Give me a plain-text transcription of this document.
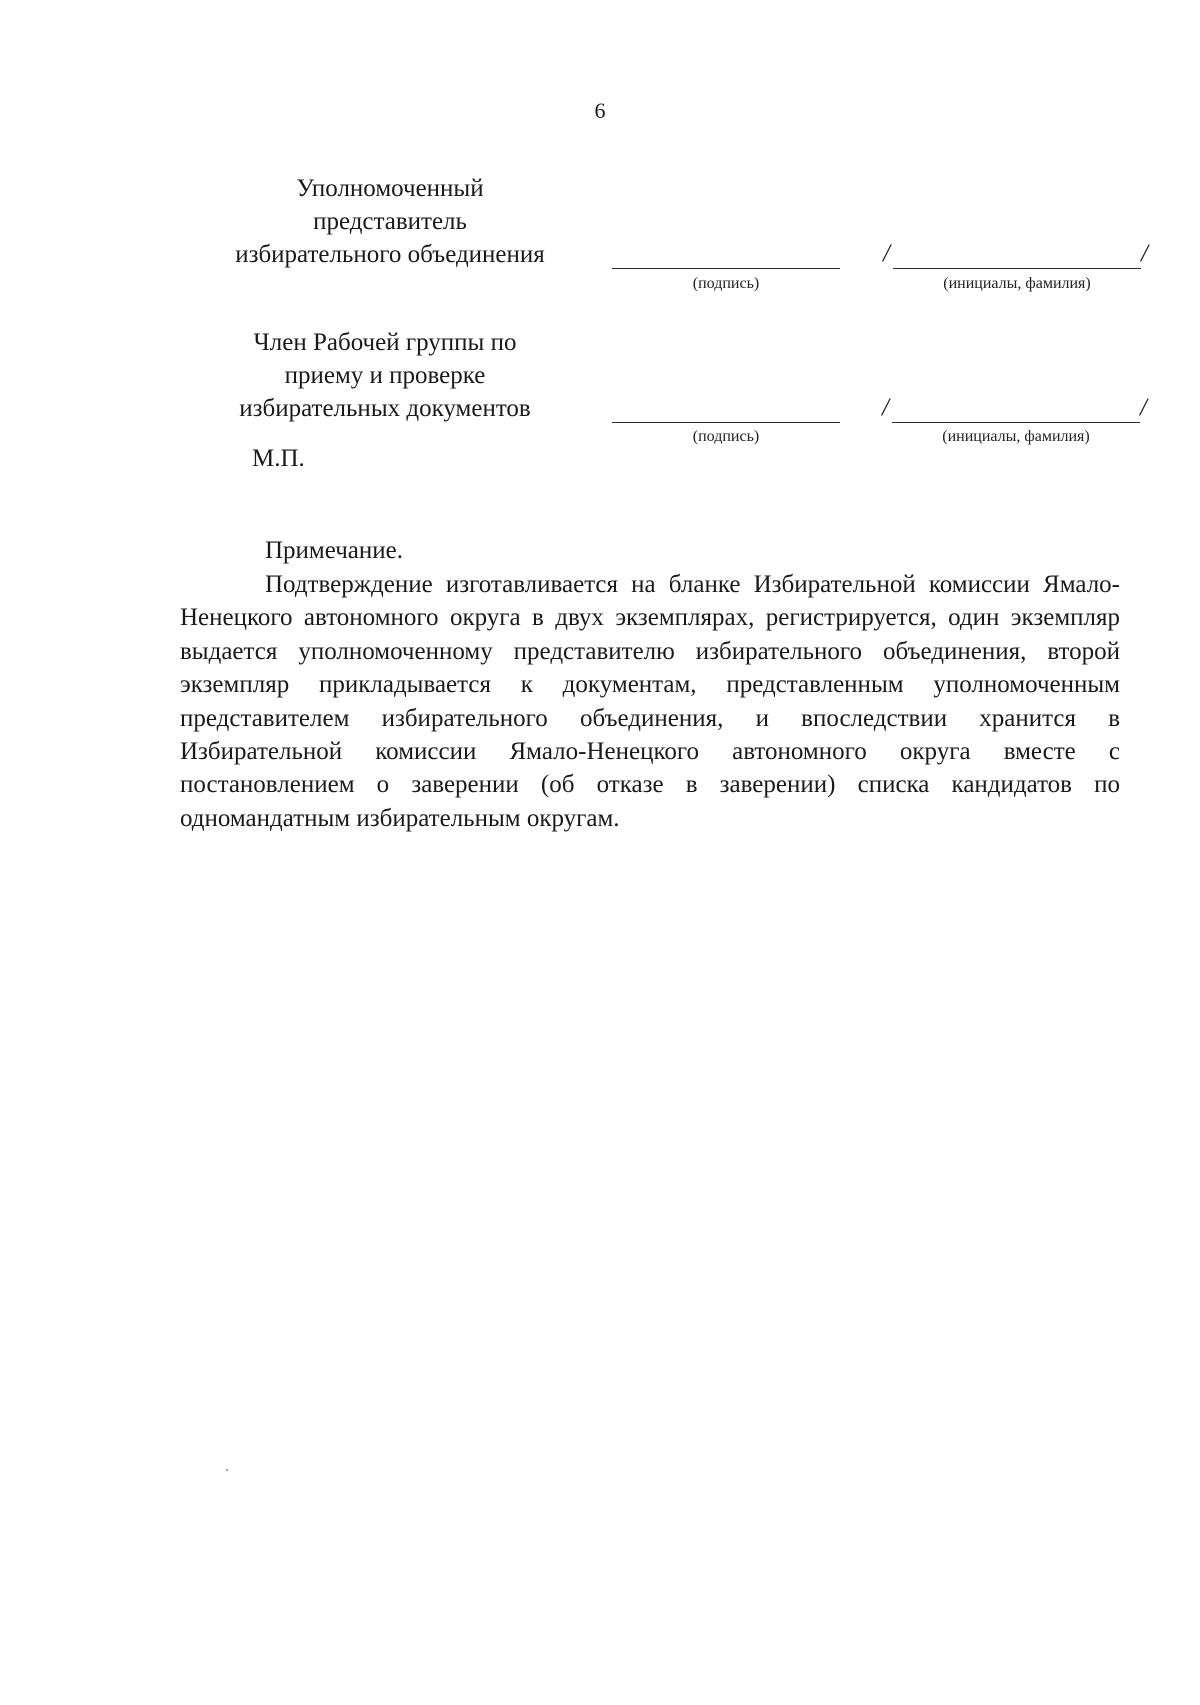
6
Уполномоченный
представитель
избирательного объединения	/	/
(подпись)	(инициалы, фамилия)
Член Рабочей группы по
приему и проверке
избирательных документов	/	/
(подпись)	(инициалы, фамилия)
М.П.
Примечание.

Подтверждение изготавливается на бланке Избирательной комиссии Ямало-Ненецкого автономного округа в двух экземплярах, регистрируется, один экземпляр выдается уполномоченному представителю избирательного объединения, второй экземпляр прикладывается к документам, представленным уполномоченным представителем избирательного объединения, и впоследствии хранится в Избирательной комиссии Ямало-Ненецкого автономного округа вместе с постановлением о заверении (об отказе в заверении) списка кандидатов по одномандатным избирательным округам.
